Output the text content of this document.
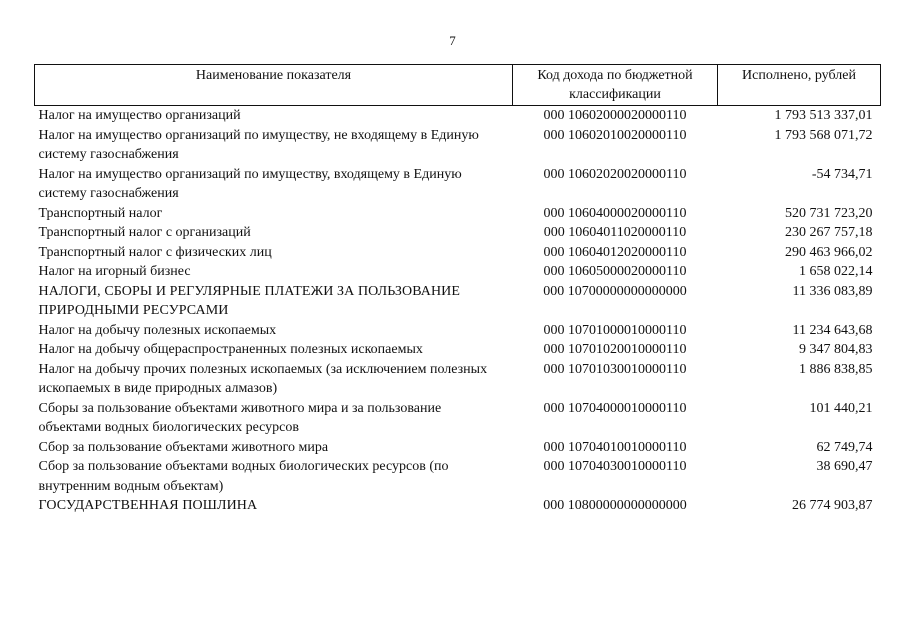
7
Наименование показателя	Код дохода по бюджетной классификации	Исполнено, рублей
Налог на имущество организаций	000 10602000020000110	1 793 513 337,01
Налог на имущество организаций по имуществу, не входящему в Единую систему газоснабжения	000 10602010020000110	1 793 568 071,72
Налог на имущество организаций по имуществу, входящему в Единую систему газоснабжения	000 10602020020000110	-54 734,71
Транспортный налог	000 10604000020000110	520 731 723,20
Транспортный налог с организаций	000 10604011020000110	230 267 757,18
Транспортный налог с физических лиц	000 10604012020000110	290 463 966,02
Налог на игорный бизнес	000 10605000020000110	1 658 022,14
НАЛОГИ, СБОРЫ И РЕГУЛЯРНЫЕ ПЛАТЕЖИ ЗА ПОЛЬЗОВАНИЕ ПРИРОДНЫМИ РЕСУРСАМИ	000 10700000000000000	11 336 083,89
Налог на добычу полезных ископаемых	000 10701000010000110	11 234 643,68
Налог на добычу общераспространенных полезных ископаемых	000 10701020010000110	9 347 804,83
Налог на добычу прочих полезных ископаемых (за исключением полезных ископаемых в виде природных алмазов)	000 10701030010000110	1 886 838,85
Сборы за пользование объектами животного мира и за пользование объектами водных биологических ресурсов	000 10704000010000110	101 440,21
Сбор за пользование объектами животного мира	000 10704010010000110	62 749,74
Сбор за пользование объектами водных биологических ресурсов (по внутренним водным объектам)	000 10704030010000110	38 690,47
ГОСУДАРСТВЕННАЯ ПОШЛИНА	000 10800000000000000	26 774 903,87
